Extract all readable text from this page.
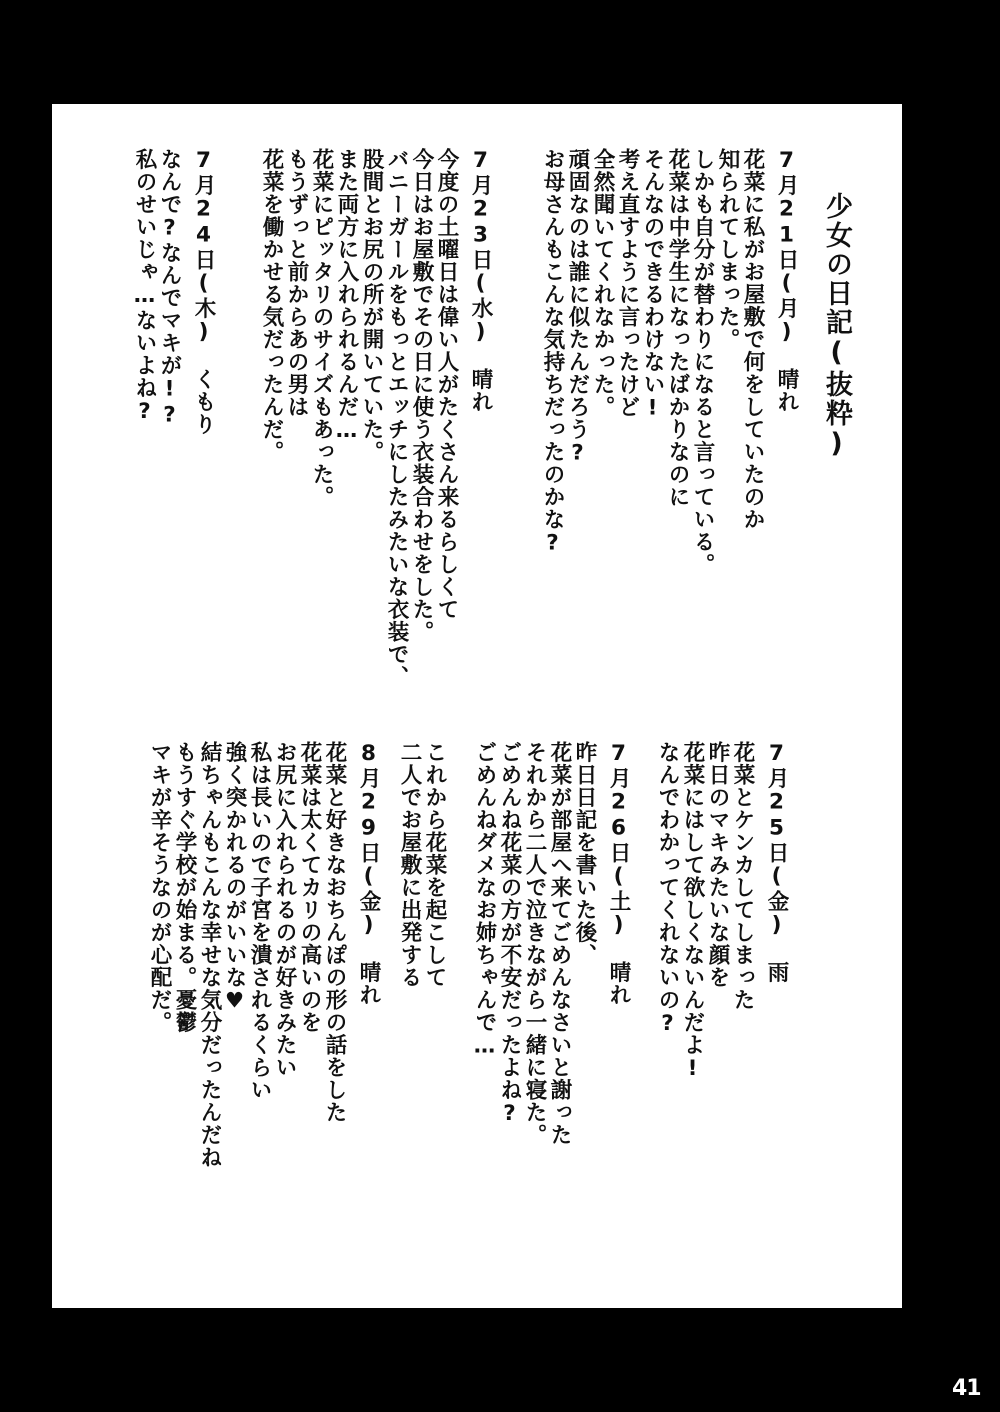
少女の日記(抜粋)
7月21日(月)　晴れ
花菜に私がお屋敷で何をしていたのか
知られてしまった。
しかも自分が替わりになると言っている。
花菜は中学生になったばかりなのに
そんなのできるわけない!
考え直すように言ったけど
全然聞いてくれなかった。
頑固なのは誰に似たんだろう?
お母さんもこんな気持ちだったのかな?
7月23日(水)　晴れ
今度の土曜日は偉い人がたくさん来るらしくて
今日はお屋敷でその日に使う衣装合わせをした。
バニーガールをもっとエッチにしたみたいな衣装で、
股間とお尻の所が開いていた。
また両方に入れられるんだ…
花菜にピッタリのサイズもあった。
もうずっと前からあの男は
花菜を働かせる気だったんだ。
7月24日(木)　くもり
なんで?なんでマキが!?
私のせいじゃ…ないよね?
7月25日(金)　雨
花菜とケンカしてしまった
昨日のマキみたいな顔を
花菜にはして欲しくないんだよ!
なんでわかってくれないの?
7月26日(土)　晴れ
昨日日記を書いた後、
花菜が部屋へ来てごめんなさいと謝った
それから二人で泣きながら一緒に寝た。
ごめんね花菜の方が不安だったよね?
ごめんねダメなお姉ちゃんで…

これから花菜を起こして
二人でお屋敷に出発する
8月29日(金)　晴れ
花菜と好きなおちんぽの形の話をした
花菜は太くてカリの高いのを
お尻に入れられるのが好きみたい
私は長いので子宮を潰されるくらい
強く突かれるのがいいな♥
結ちゃんもこんな幸せな気分だったんだね
もうすぐ学校が始まる。憂鬱
マキが辛そうなのが心配だ。
41
